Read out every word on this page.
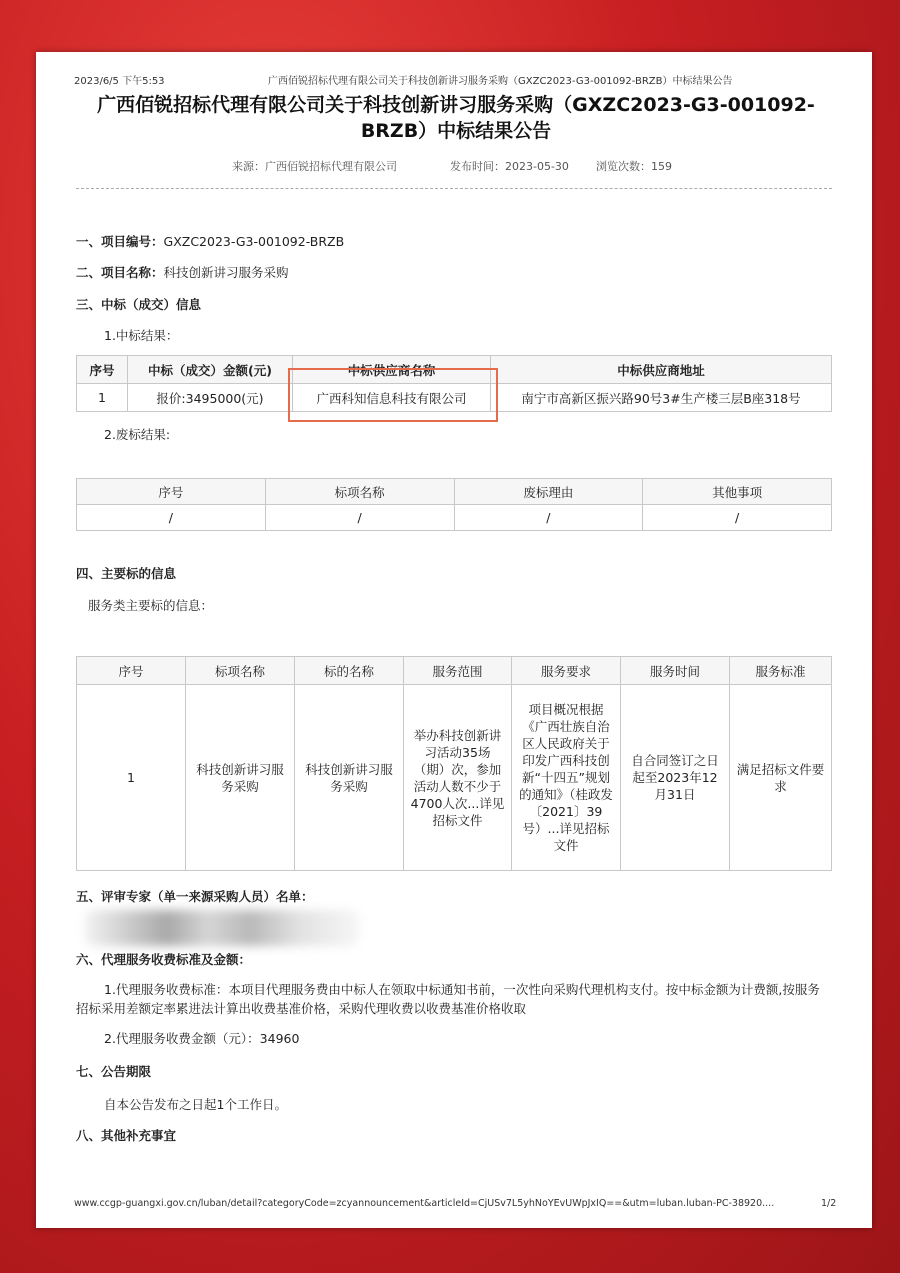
2023/6/5 下午5:53	广西佰锐招标代理有限公司关于科技创新讲习服务采购（GXZC2023-G3-001092-BRZB）中标结果公告
广西佰锐招标代理有限公司关于科技创新讲习服务采购（GXZC2023-G3-001092-BRZB）中标结果公告
来源：广西佰锐招标代理有限公司	发布时间：2023-05-30 浏览次数：159
一、项目编号：GXZC2023-G3-001092-BRZB
二、项目名称：科技创新讲习服务采购
三、中标（成交）信息
1.中标结果：
序号	中标（成交）金额(元)	中标供应商名称	中标供应商地址
1	报价:3495000(元)	广西科知信息科技有限公司	南宁市高新区振兴路90号3#生产楼三层B座318号
2.废标结果:
序号	标项名称	废标理由	其他事项
/	/	/	/
四、主要标的信息
服务类主要标的信息：
序号	标项名称	标的名称	服务范围	服务要求	服务时间	服务标准

1	科技创新讲习服务采购	科技创新讲习服务采购	举办科技创新讲习活动35场（期）次，参加活动人数不少于4700人次...详见招标文件	项目概况根据《广西壮族自治区人民政府关于印发广西科技创新“十四五”规划的通知》（桂政发〔2021〕39号）...详见招标文件	自合同签订之日起至2023年12月31日	满足招标文件要求
五、评审专家（单一来源采购人员）名单：
六、代理服务收费标准及金额：
1.代理服务收费标准：本项目代理服务费由中标人在领取中标通知书前，一次性向采购代理机构支付。按中标金额为计费额,按服务招标采用差额定率累进法计算出收费基准价格，采购代理收费以收费基准价格收取
2.代理服务收费金额（元）：34960
七、公告期限
自本公告发布之日起1个工作日。
八、其他补充事宜
www.ccgp-guangxi.gov.cn/luban/detail?categoryCode=zcyannouncement&articleId=CjUSv7L5yhNoYEvUWpJxIQ==&utm=luban.luban-PC-38920....	1/2
